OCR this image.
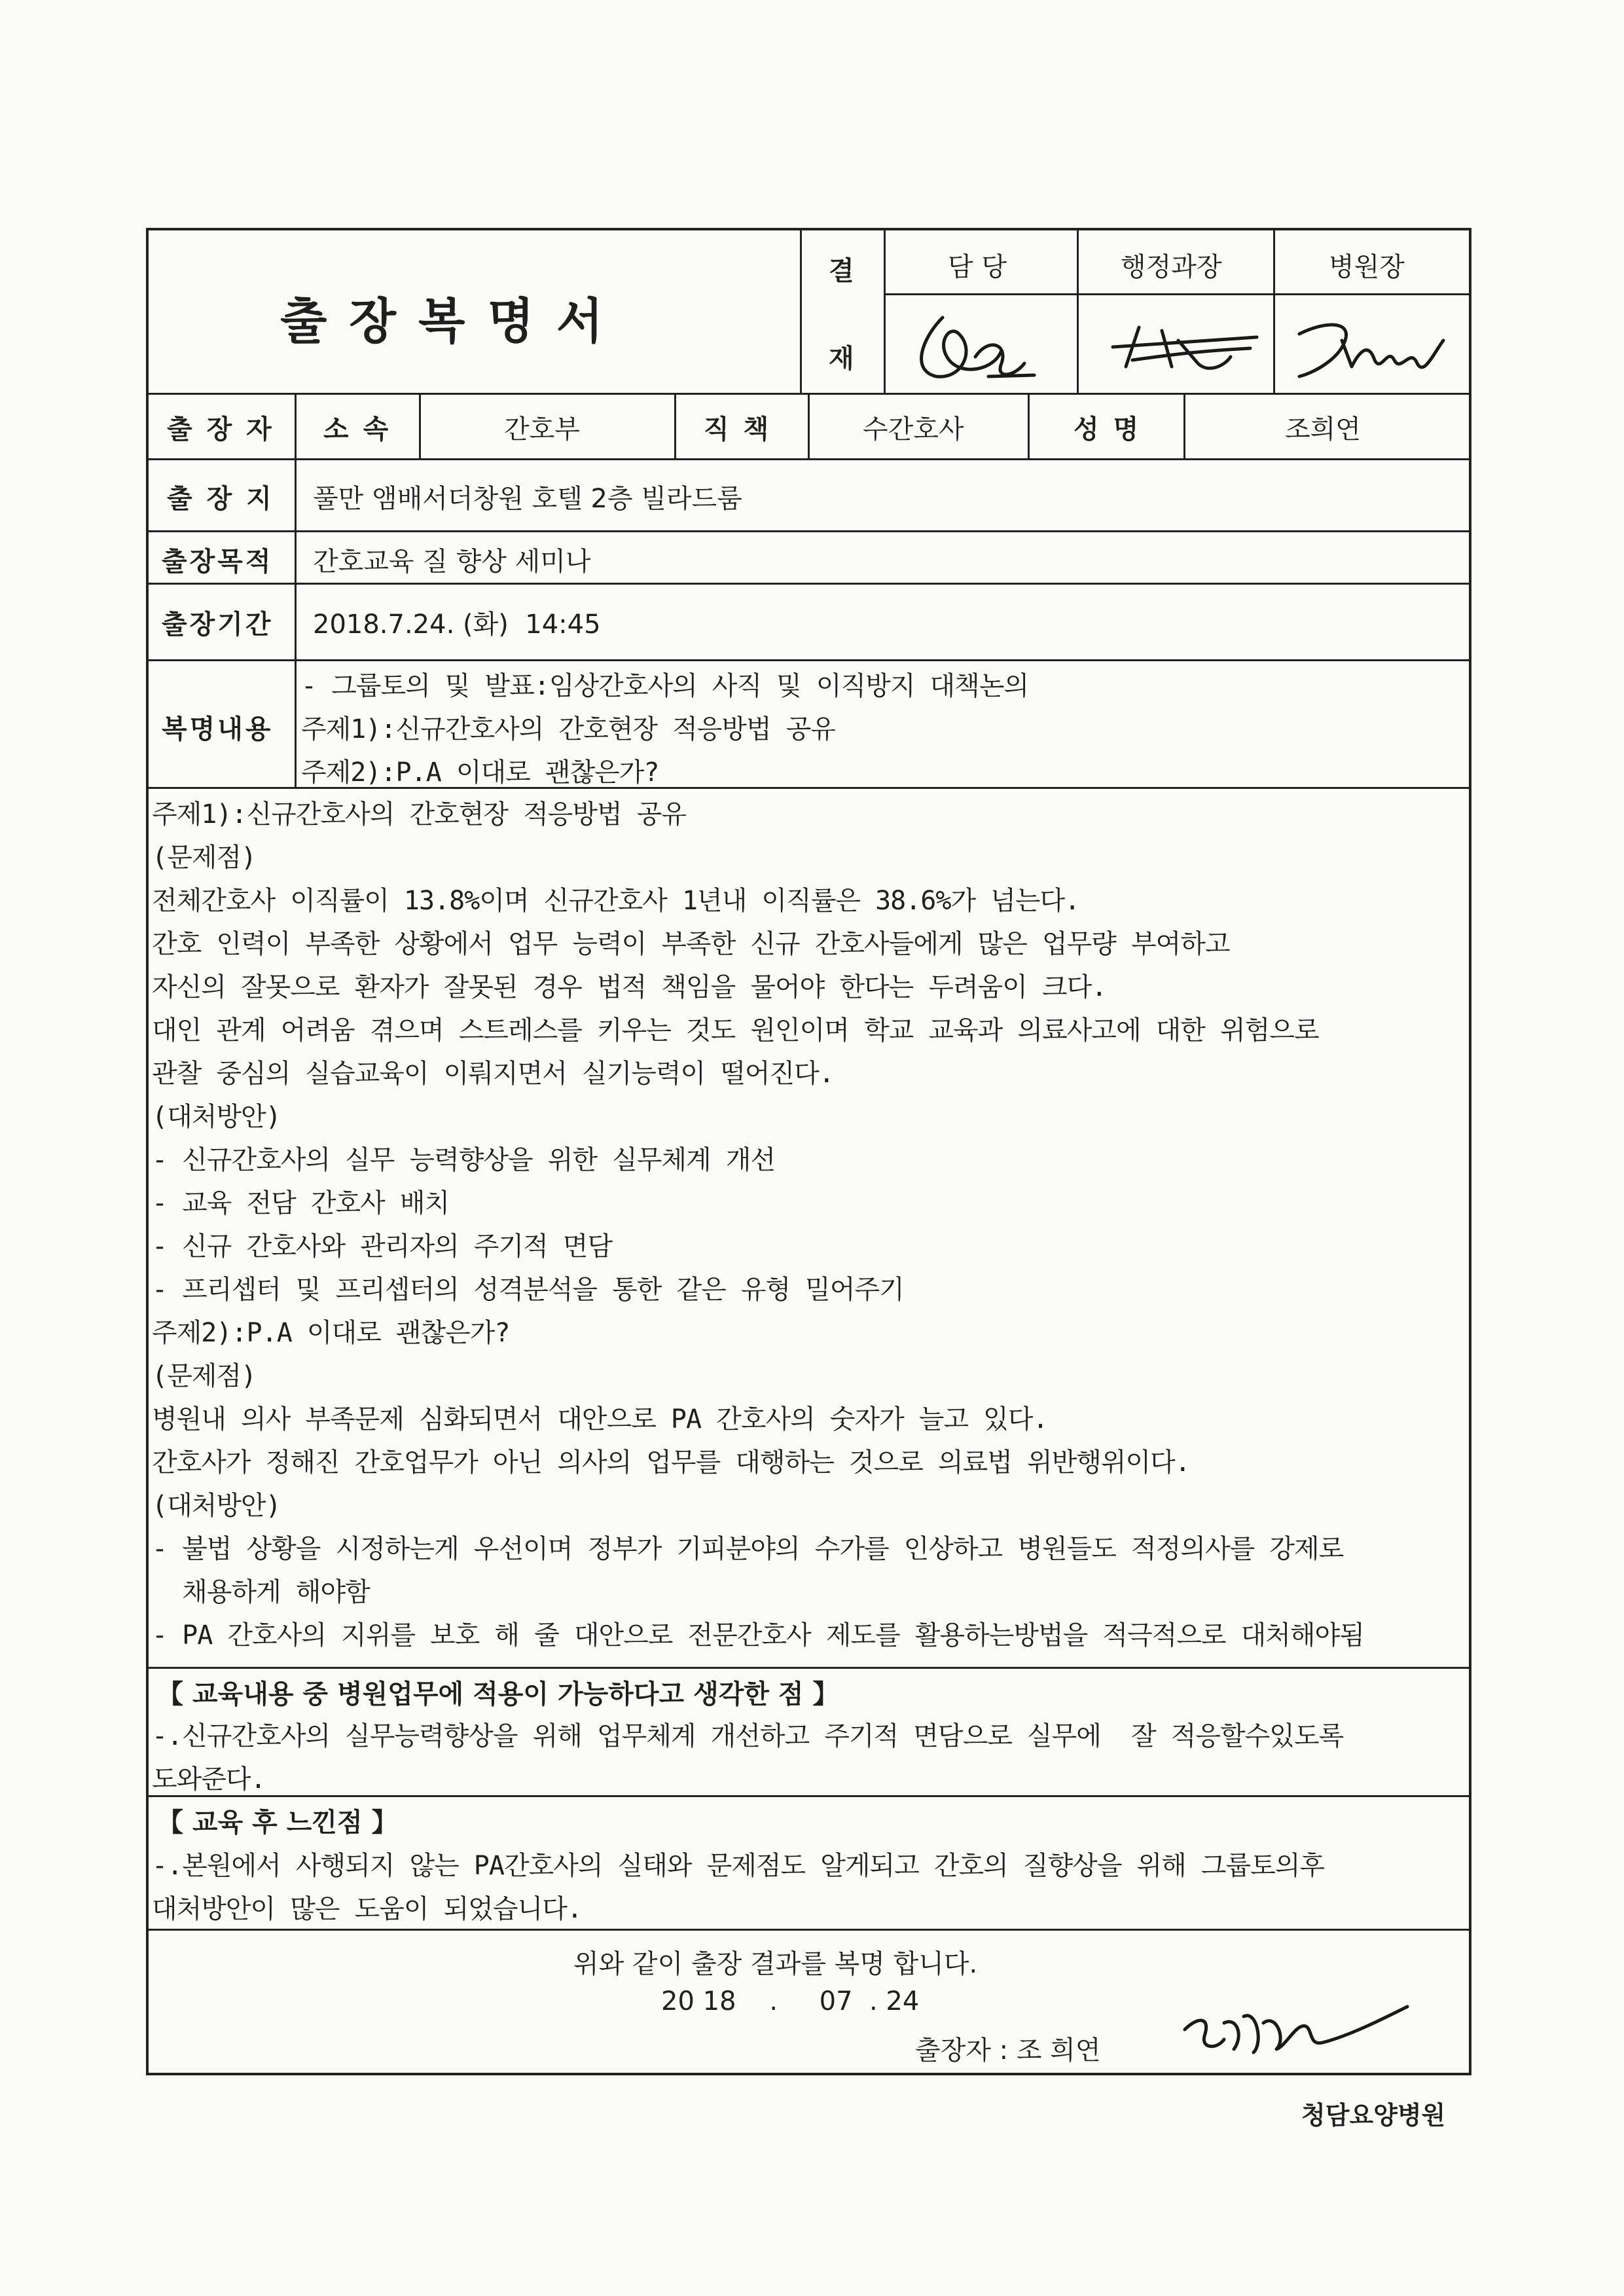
출장복명서
결
재
담 당	행정과장	병원장
출 장 자 소 속	간호부	직 책	수간호사	성 명	조희연
출 장 지 풀만 앰배서더창원 호텔 2층 빌라드룸
출장목적 간호교육 질 향상 세미나
출장기간 2018.7.24. (화)  14:45
복명내용
- 그룹토의 및 발표:임상간호사의 사직 및 이직방지 대책논의
주제1):신규간호사의 간호현장 적응방법 공유
주제2):P.A 이대로 괜찮은가?
주제1):신규간호사의 간호현장 적응방법 공유
(문제점)
전체간호사 이직률이 13.8%이며 신규간호사 1년내 이직률은 38.6%가 넘는다.
간호 인력이 부족한 상황에서 업무 능력이 부족한 신규 간호사들에게 많은 업무량 부여하고
자신의 잘못으로 환자가 잘못된 경우 법적 책임을 물어야 한다는 두려움이 크다.
대인 관계 어려움 겪으며 스트레스를 키우는 것도 원인이며 학교 교육과 의료사고에 대한 위험으로
관찰 중심의 실습교육이 이뤄지면서 실기능력이 떨어진다.
(대처방안)
- 신규간호사의 실무 능력향상을 위한 실무체계 개선
- 교육 전담 간호사 배치
- 신규 간호사와 관리자의 주기적 면담
- 프리셉터 및 프리셉터의 성격분석을 통한 같은 유형 밀어주기
주제2):P.A 이대로 괜찮은가?
(문제점)
병원내 의사 부족문제 심화되면서 대안으로 PA 간호사의 숫자가 늘고 있다.
간호사가 정해진 간호업무가 아닌 의사의 업무를 대행하는 것으로 의료법 위반행위이다.
(대처방안)
- 불법 상황을 시정하는게 우선이며 정부가 기피분야의 수가를 인상하고 병원들도 적정의사를 강제로
채용하게 해야함
- PA 간호사의 지위를 보호 해 줄 대안으로 전문간호사 제도를 활용하는방법을 적극적으로 대처해야됨
【 교육내용 중 병원업무에 적용이 가능하다고 생각한 점 】
-.신규간호사의 실무능력향상을 위해 업무체계 개선하고 주기적 면담으로 실무에  잘 적응할수있도록
도와준다.
【 교육 후 느낀점 】
-.본원에서 사행되지 않는 PA간호사의 실태와 문제점도 알게되고 간호의 질향상을 위해 그룹토의후
대처방안이 많은 도움이 되었습니다.
위와 같이 출장 결과를 복명 합니다.
20 18    .     07  . 24
출장자 : 조 희연
청담요양병원
